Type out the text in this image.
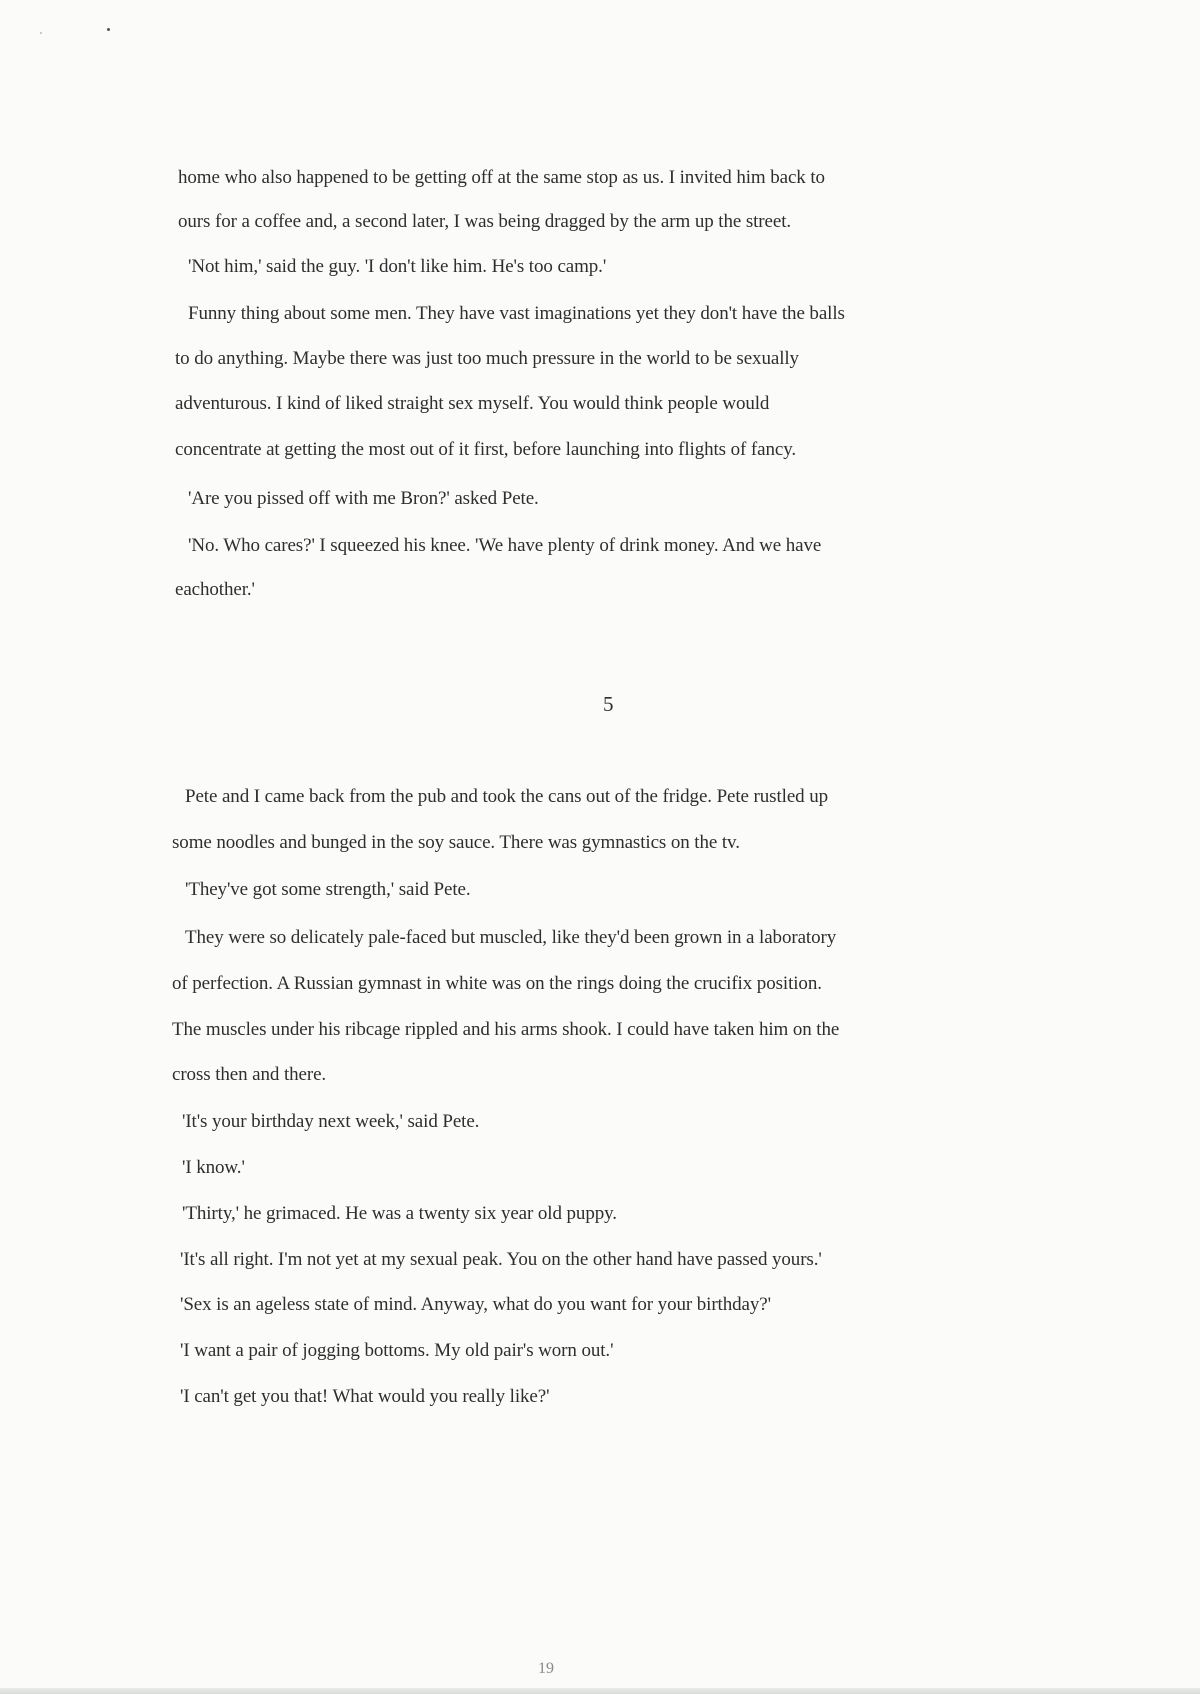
home who also happened to be getting off at the same stop as us. I invited him back to
ours for a coffee and, a second later, I was being dragged by the arm up the street.
'Not him,' said the guy. 'I don't like him. He's too camp.'
Funny thing about some men. They have vast imaginations yet they don't have the balls
to do anything. Maybe there was just too much pressure in the world to be sexually
adventurous. I kind of liked straight sex myself. You would think people would
concentrate at getting the most out of it first, before launching into flights of fancy.
'Are you pissed off with me Bron?' asked Pete.
'No. Who cares?' I squeezed his knee. 'We have plenty of drink money. And we have
eachother.'
5
Pete and I came back from the pub and took the cans out of the fridge. Pete rustled up
some noodles and bunged in the soy sauce. There was gymnastics on the tv.
'They've got some strength,' said Pete.
They were so delicately pale-faced but muscled, like they'd been grown in a laboratory
of perfection. A Russian gymnast in white was on the rings doing the crucifix position.
The muscles under his ribcage rippled and his arms shook. I could have taken him on the
cross then and there.
'It's your birthday next week,' said Pete.
'I know.'
'Thirty,' he grimaced. He was a twenty six year old puppy.
'It's all right. I'm not yet at my sexual peak. You on the other hand have passed yours.'
'Sex is an ageless state of mind. Anyway, what do you want for your birthday?'
'I want a pair of jogging bottoms. My old pair's worn out.'
'I can't get you that! What would you really like?'
19
